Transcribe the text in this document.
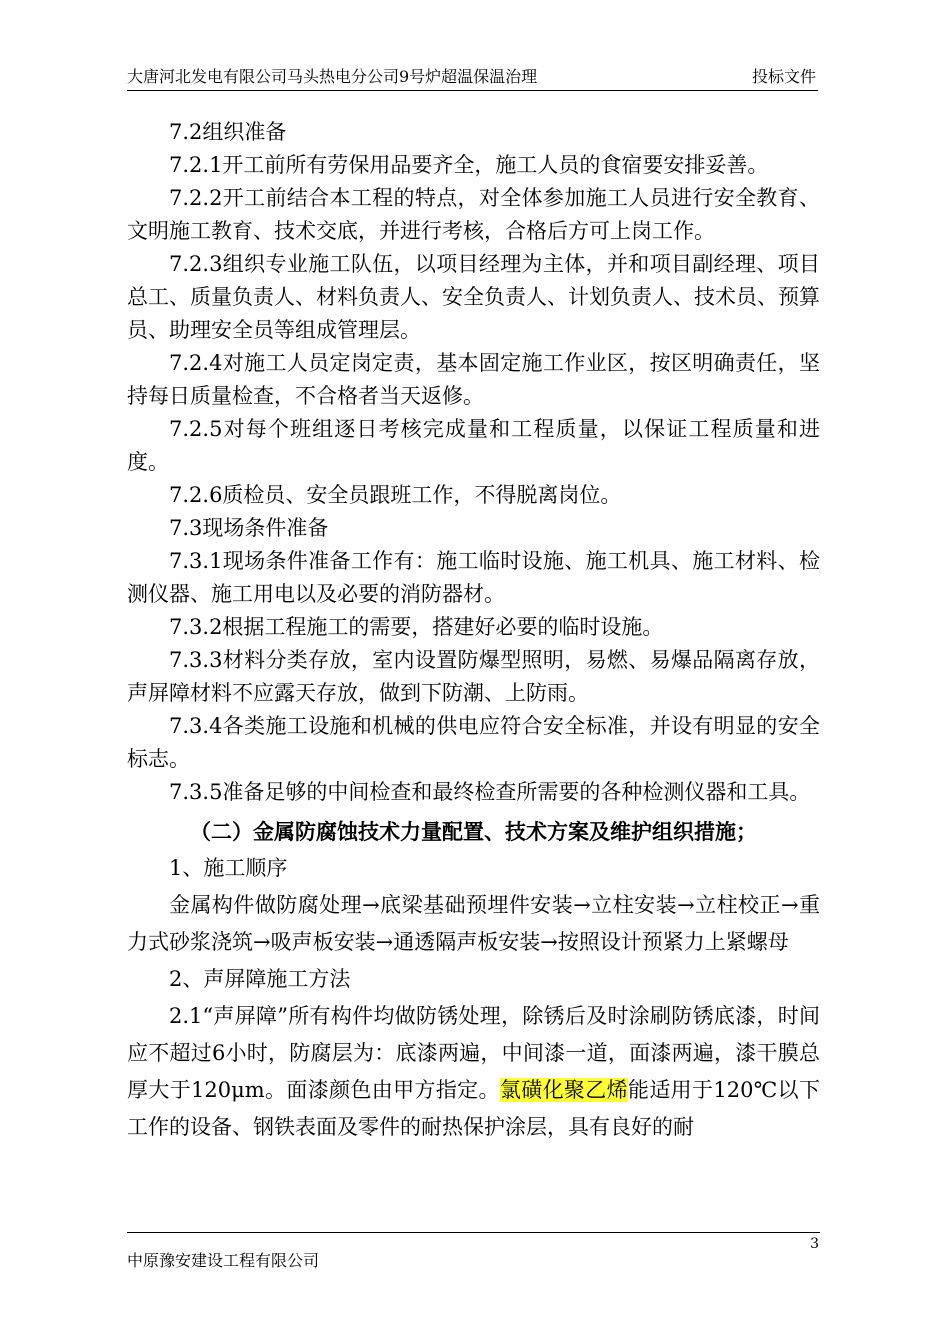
大唐河北发电有限公司马头热电分公司9号炉超温保温治理	投标文件

7.2组织准备

7.2.1开工前所有劳保用品要齐全，施工人员的食宿要安排妥善。

7.2.2开工前结合本工程的特点，对全体参加施工人员进行安全教育、文明施工教育、技术交底，并进行考核，合格后方可上岗工作。

7.2.3组织专业施工队伍，以项目经理为主体，并和项目副经理、项目总工、质量负责人、材料负责人、安全负责人、计划负责人、技术员、预算员、助理安全员等组成管理层。

7.2.4对施工人员定岗定责，基本固定施工作业区，按区明确责任，坚持每日质量检查，不合格者当天返修。

7.2.5对每个班组逐日考核完成量和工程质量，以保证工程质量和进度。

7.2.6质检员、安全员跟班工作，不得脱离岗位。

7.3现场条件准备

7.3.1现场条件准备工作有：施工临时设施、施工机具、施工材料、检测仪器、施工用电以及必要的消防器材。

7.3.2根据工程施工的需要，搭建好必要的临时设施。

7.3.3材料分类存放，室内设置防爆型照明，易燃、易爆品隔离存放，声屏障材料不应露天存放，做到下防潮、上防雨。

7.3.4各类施工设施和机械的供电应符合安全标准，并设有明显的安全标志。

7.3.5准备足够的中间检查和最终检查所需要的各种检测仪器和工具。

（二）金属防腐蚀技术力量配置、技术方案及维护组织措施；

1、施工顺序

金属构件做防腐处理→底梁基础预埋件安装→立柱安装→立柱校正→重力式砂浆浇筑→吸声板安装→通透隔声板安装→按照设计预紧力上紧螺母

2、声屏障施工方法

2.1“声屏障”所有构件均做防锈处理，除锈后及时涂刷防锈底漆，时间应不超过6小时，防腐层为：底漆两遍，中间漆一道，面漆两遍，漆干膜总厚大于120μm。面漆颜色由甲方指定。氯磺化聚乙烯能适用于120℃以下工作的设备、钢铁表面及零件的耐热保护涂层，具有良好的耐

3
中原豫安建设工程有限公司
